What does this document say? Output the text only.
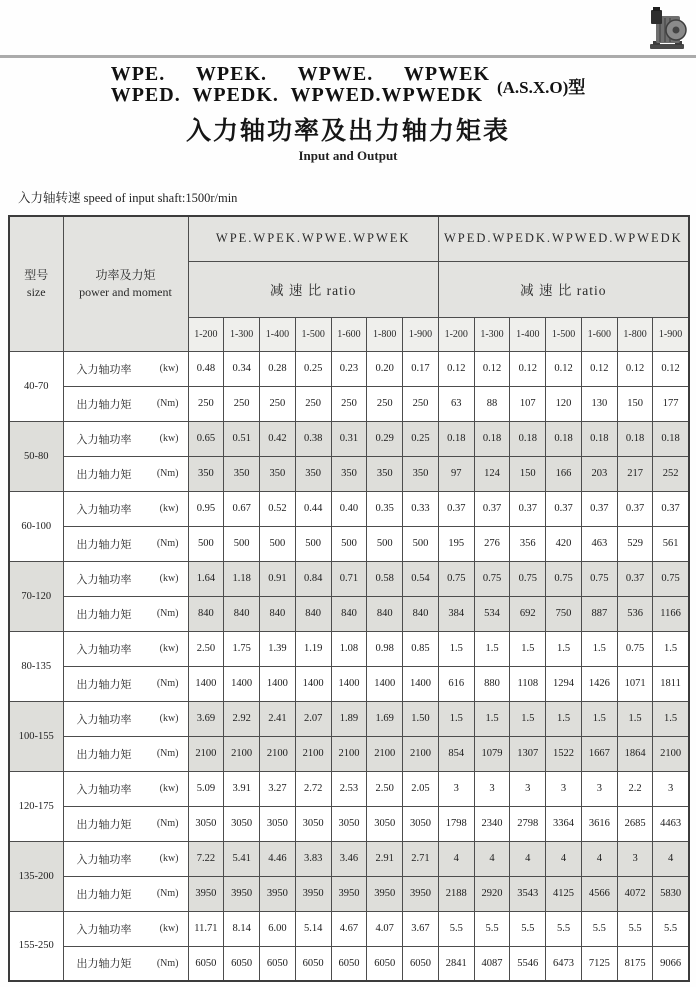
WPE. WPEK. WPWE. WPWEK
WPED. WPEDK. WPWED.WPWEDK (A.S.X.O)型
入力轴功率及出力轴力矩表
Input and Output
入力轴转速 speed of input shaft:1500r/min
型号
size

功率及力矩
power and moment
	WPE.WPEK.WPWE.WPWEK	WPED.WPEDK.WPWED.WPWEDK
		减 速 比 ratio							减 速 比 ratio						
		1-200	1-300	1-400	1-500	1-600	1-800	1-900	1-200	1-300	1-400	1-500	1-600	1-800	1-900
40-70	入力轴功率 (kw)	0.48	0.34	0.28	0.25	0.23	0.20	0.17	0.12	0.12	0.12	0.12	0.12	0.12	0.12

	出力轴力矩 (Nm)	250	250	250	250	250	250	250	63	88	107	120	130	150	177
50-80	入力轴功率 (kw)	0.65	0.51	0.42	0.38	0.31	0.29	0.25	0.18	0.18	0.18	0.18	0.18	0.18	0.18

	出力轴力矩 (Nm)	350	350	350	350	350	350	350	97	124	150	166	203	217	252
60-100	入力轴功率 (kw)	0.95	0.67	0.52	0.44	0.40	0.35	0.33	0.37	0.37	0.37	0.37	0.37	0.37	0.37

	出力轴力矩 (Nm)	500	500	500	500	500	500	500	195	276	356	420	463	529	561
70-120	入力轴功率 (kw)	1.64	1.18	0.91	0.84	0.71	0.58	0.54	0.75	0.75	0.75	0.75	0.75	0.37	0.75

	出力轴力矩 (Nm)	840	840	840	840	840	840	840	384	534	692	750	887	536	1166
80-135	入力轴功率 (kw)	2.50	1.75	1.39	1.19	1.08	0.98	0.85	1.5	1.5	1.5	1.5	1.5	0.75	1.5

	出力轴力矩 (Nm)	1400	1400	1400	1400	1400	1400	1400	616	880	1108	1294	1426	1071	1811
100-155	入力轴功率 (kw)	3.69	2.92	2.41	2.07	1.89	1.69	1.50	1.5	1.5	1.5	1.5	1.5	1.5	1.5

	出力轴力矩 (Nm)	2100	2100	2100	2100	2100	2100	2100	854	1079	1307	1522	1667	1864	2100
120-175	入力轴功率 (kw)	5.09	3.91	3.27	2.72	2.53	2.50	2.05	3	3	3	3	3	2.2	3

	出力轴力矩 (Nm)	3050	3050	3050	3050	3050	3050	3050	1798	2340	2798	3364	3616	2685	4463
135-200	入力轴功率 (kw)	7.22	5.41	4.46	3.83	3.46	2.91	2.71	4	4	4	4	4	3	4

	出力轴力矩 (Nm)	3950	3950	3950	3950	3950	3950	3950	2188	2920	3543	4125	4566	4072	5830
155-250	入力轴功率 (kw)	11.71	8.14	6.00	5.14	4.67	4.07	3.67	5.5	5.5	5.5	5.5	5.5	5.5	5.5

	出力轴力矩 (Nm)	6050	6050	6050	6050	6050	6050	6050	2841	4087	5546	6473	7125	8175	9066
